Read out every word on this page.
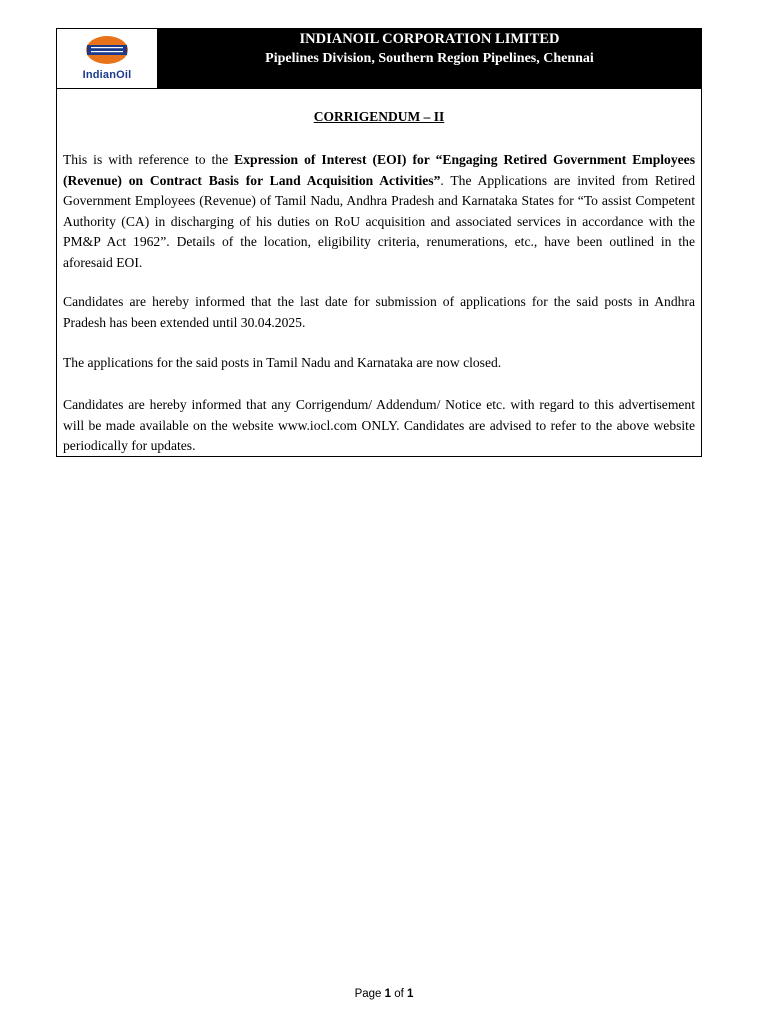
IndianOil
INDIANOIL CORPORATION LIMITED
Pipelines Division, Southern Region Pipelines, Chennai
CORRIGENDUM – II

This is with reference to the Expression of Interest (EOI) for “Engaging Retired Government Employees (Revenue) on Contract Basis for Land Acquisition Activities”. The Applications are invited from Retired Government Employees (Revenue) of Tamil Nadu, Andhra Pradesh and Karnataka States for “To assist Competent Authority (CA) in discharging of his duties on RoU acquisition and associated services in accordance with the PM&P Act 1962”. Details of the location, eligibility criteria, renumerations, etc., have been outlined in the aforesaid EOI.

Candidates are hereby informed that the last date for submission of applications for the said posts in Andhra Pradesh has been extended until 30.04.2025.

The applications for the said posts in Tamil Nadu and Karnataka are now closed.

Candidates are hereby informed that any Corrigendum/ Addendum/ Notice etc. with regard to this advertisement will be made available on the website www.iocl.com ONLY. Candidates are advised to refer to the above website periodically for updates.

Page 1 of 1
